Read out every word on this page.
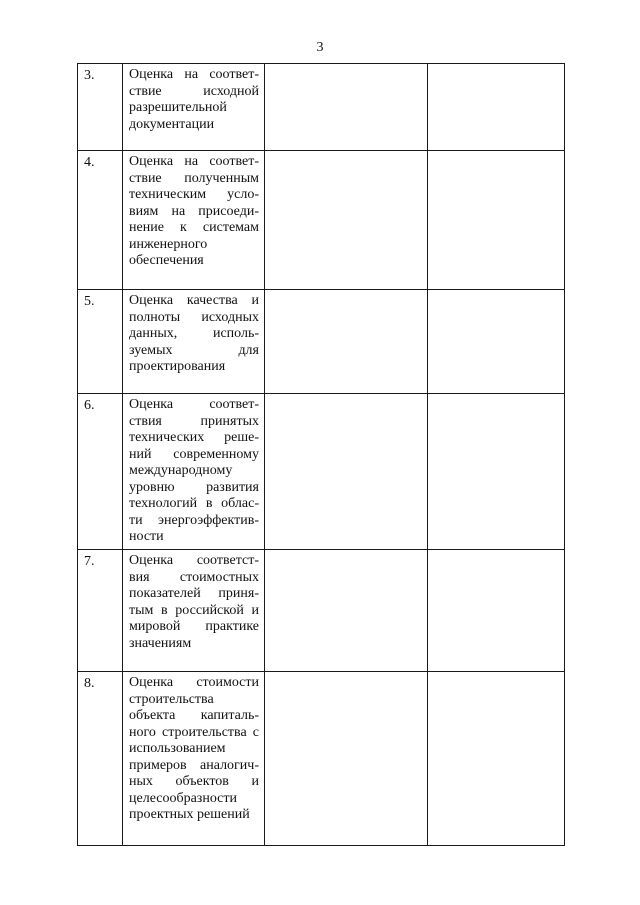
3
3.	Оценка на соответ-ствие исходной разрешительной документации		

4.	Оценка на соответ-ствие полученным техническим усло-виям на присоеди-нение к системам инженерного обеспечения		

5.	Оценка качества и полноты исходных данных, исполь-зуемых для проектирования		

6.	Оценка соответ-ствия принятых технических реше-ний современному международному уровню развития технологий в облас-ти энергоэффектив-ности		

7.	Оценка соответст-вия стоимостных показателей приня-тым в российской и мировой практике значениям		

8.	Оценка стоимости строительства объекта капиталь-ного строительства с использованием примеров аналогич-ных объектов и целесообразности проектных решений		
